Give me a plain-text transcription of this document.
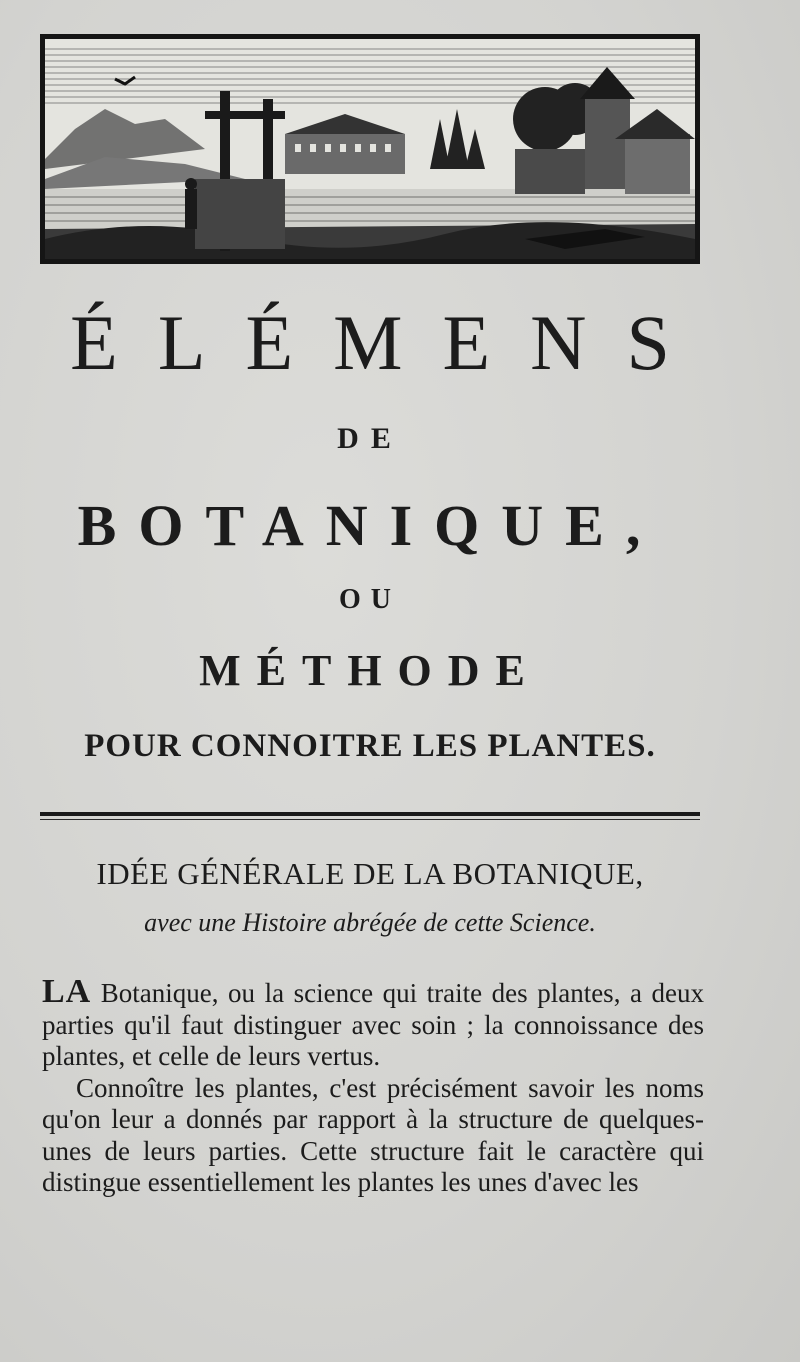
ÉLÉMENS
DE
BOTANIQUE,
OU
MÉTHODE
POUR CONNOITRE LES PLANTES.
IDÉE GÉNÉRALE DE LA BOTANIQUE,
avec une Histoire abrégée de cette Science.

LA Botanique, ou la science qui traite des plantes, a deux parties qu'il faut distinguer avec soin ; la connoissance des plantes, et celle de leurs vertus.

Connoître les plantes, c'est précisément savoir les noms qu'on leur a donnés par rapport à la structure de quelques-unes de leurs parties. Cette structure fait le caractère qui distingue essentiellement les plantes les unes d'avec les
